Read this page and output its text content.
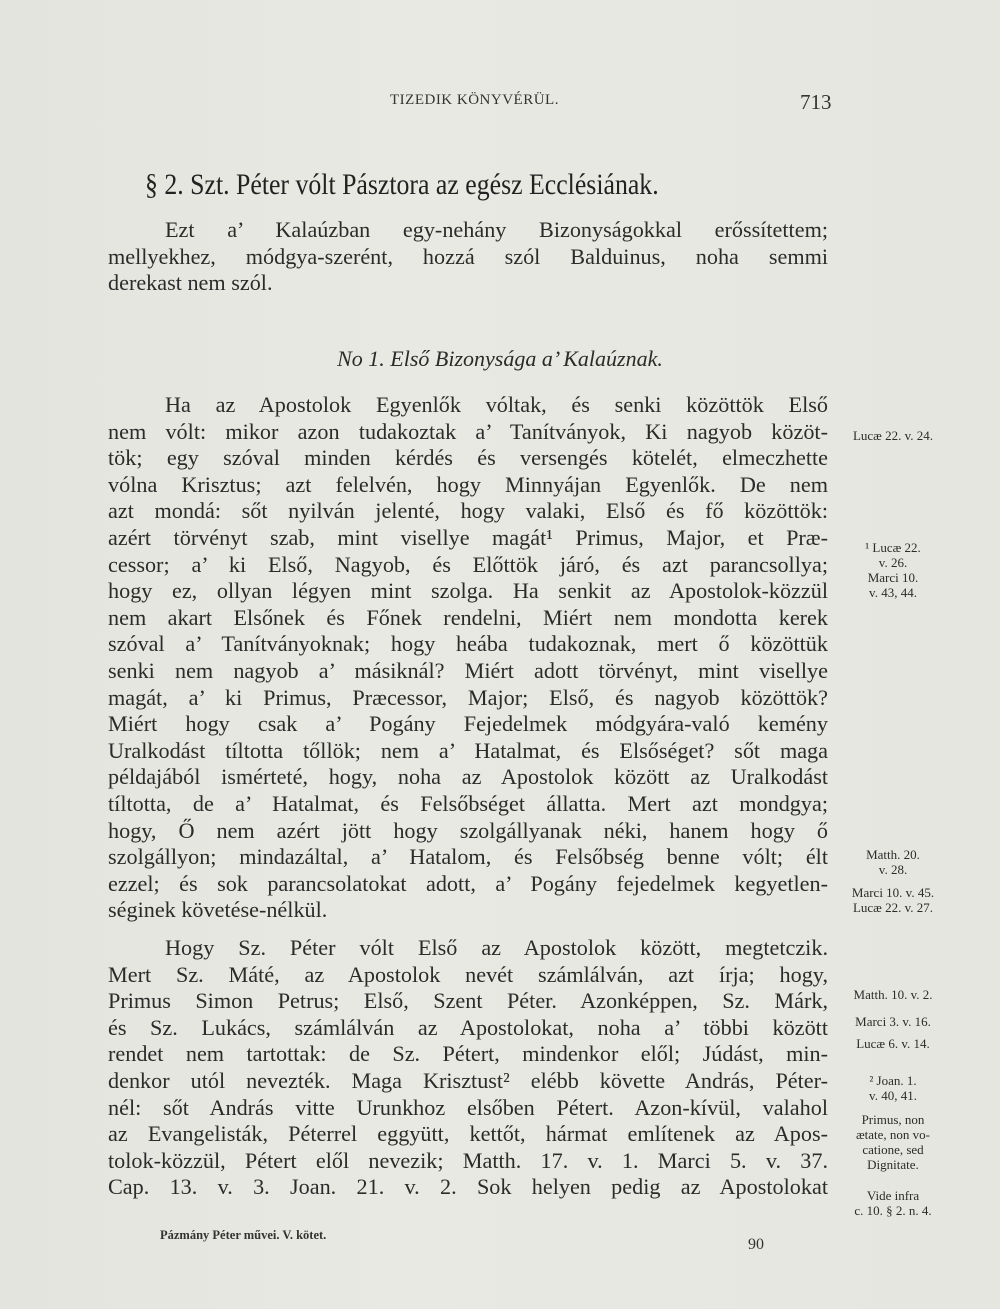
TIZEDIK KÖNYVÉRÜL.	713
§ 2. Szt. Péter vólt Pásztora az egész Ecclésiának.
Ezt a’ Kalaúzban egy-nehány Bizonyságokkal erőssítettem;
mellyekhez, módgya-szerént, hozzá szól Balduinus, noha semmi
derekast nem szól.
No 1. Első Bizonysága a’ Kalaúznak.
Ha az Apostolok Egyenlők vóltak, és senki közöttök Első
nem vólt: mikor azon tudakoztak a’ Tanítványok, Ki nagyob közöt-
tök; egy szóval minden kérdés és versengés kötelét, elmeczhette
vólna Krisztus; azt felelvén, hogy Minnyájan Egyenlők. De nem
azt mondá: sőt nyilván jelenté, hogy valaki, Első és fő közöttök:
azért törvényt szab, mint visellye magát¹ Primus, Major, et Præ-
cessor; a’ ki Első, Nagyob, és Előttök járó, és azt parancsollya;
hogy ez, ollyan légyen mint szolga. Ha senkit az Apostolok-közzül
nem akart Elsőnek és Főnek rendelni, Miért nem mondotta kerek
szóval a’ Tanítványoknak; hogy heába tudakoznak, mert ő közöttük
senki nem nagyob a’ másiknál? Miért adott törvényt, mint visellye
magát, a’ ki Primus, Præcessor, Major; Első, és nagyob közöttök?
Miért hogy csak a’ Pogány Fejedelmek módgyára-való kemény
Uralkodást tíltotta tőllök; nem a’ Hatalmat, és Elsőséget? sőt maga
példajából ismérteté, hogy, noha az Apostolok között az Uralkodást
tíltotta, de a’ Hatalmat, és Felsőbséget állatta. Mert azt mondgya;
hogy, Ő nem azért jött hogy szolgállyanak néki, hanem hogy ő
szolgállyon; mindazáltal, a’ Hatalom, és Felsőbség benne vólt; élt
ezzel; és sok parancsolatokat adott, a’ Pogány fejedelmek kegyetlen-
séginek követése-nélkül.
Hogy Sz. Péter vólt Első az Apostolok között, megtetczik.
Mert Sz. Máté, az Apostolok nevét számlálván, azt írja; hogy,
Primus Simon Petrus; Első, Szent Péter. Azonképpen, Sz. Márk,
és Sz. Lukács, számlálván az Apostolokat, noha a’ többi között
rendet nem tartottak: de Sz. Pétert, mindenkor elől; Júdást, min-
denkor utól nevezték. Maga Krisztust² elébb követte András, Péter-
nél: sőt András vitte Urunkhoz elsőben Pétert. Azon-kívül, valahol
az Evangelisták, Péterrel eggyütt, kettőt, hármat említenek az Apos-
tolok-közzül, Pétert elől nevezik; Matth. 17. v. 1. Marci 5. v. 37.
Cap. 13. v. 3. Joan. 21. v. 2. Sok helyen pedig az Apostolokat
Lucæ 22. v. 24.
¹ Lucæ 22.
v. 26.
Marci 10.
v. 43, 44.
Matth. 20.
v. 28.
Marci 10. v. 45.
Lucæ 22. v. 27.
Matth. 10. v. 2.
Marci 3. v. 16.
Lucæ 6. v. 14.
² Joan. 1.
v. 40, 41.
Primus, non
ætate, non vo-
catione, sed
Dignitate.
Vide infra
c. 10. § 2. n. 4.
Pázmány Péter művei. V. kötet.
90
